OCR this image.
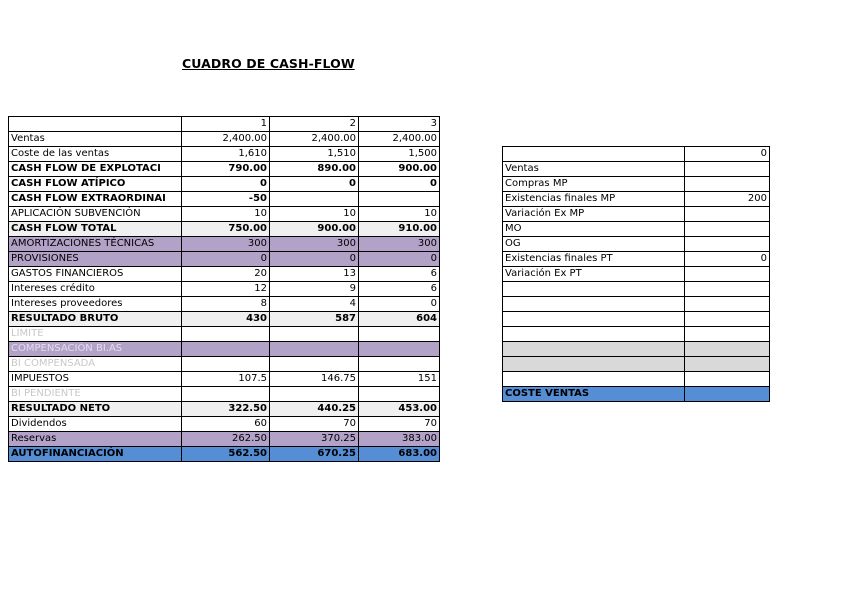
CUADRO DE CASH-FLOW
	1	2	3
Ventas	2,400.00	2,400.00	2,400.00
Coste de las ventas	1,610	1,510	1,500
CASH FLOW DE EXPLOTACI	790.00	890.00	900.00
CASH FLOW ATÍPICO	0	0	0
CASH FLOW EXTRAORDINAI	-50		
APLICACIÓN SUBVENCIÓN	10	10	10
CASH FLOW TOTAL	750.00	900.00	910.00
AMORTIZACIONES TÉCNICAS	300	300	300
PROVISIONES	0	0	0
GASTOS FINANCIEROS	20	13	6
Intereses crédito	12	9	6
Intereses proveedores	8	4	0
RESULTADO BRUTO	430	587	604
LIMITE			
COMPENSACIÓN BI.AS			
BI COMPENSADA			
IMPUESTOS	107.5	146.75	151
BI PENDIENTE			
RESULTADO NETO	322.50	440.25	453.00
Dividendos	60	70	70
Reservas	262.50	370.25	383.00
AUTOFINANCIACIÓN	562.50	670.25	683.00
	0
Ventas	
Compras MP	
Existencias finales MP	200
Variación Ex MP	
MO	
OG	
Existencias finales PT	0
Variación Ex PT	

COSTE VENTAS	
